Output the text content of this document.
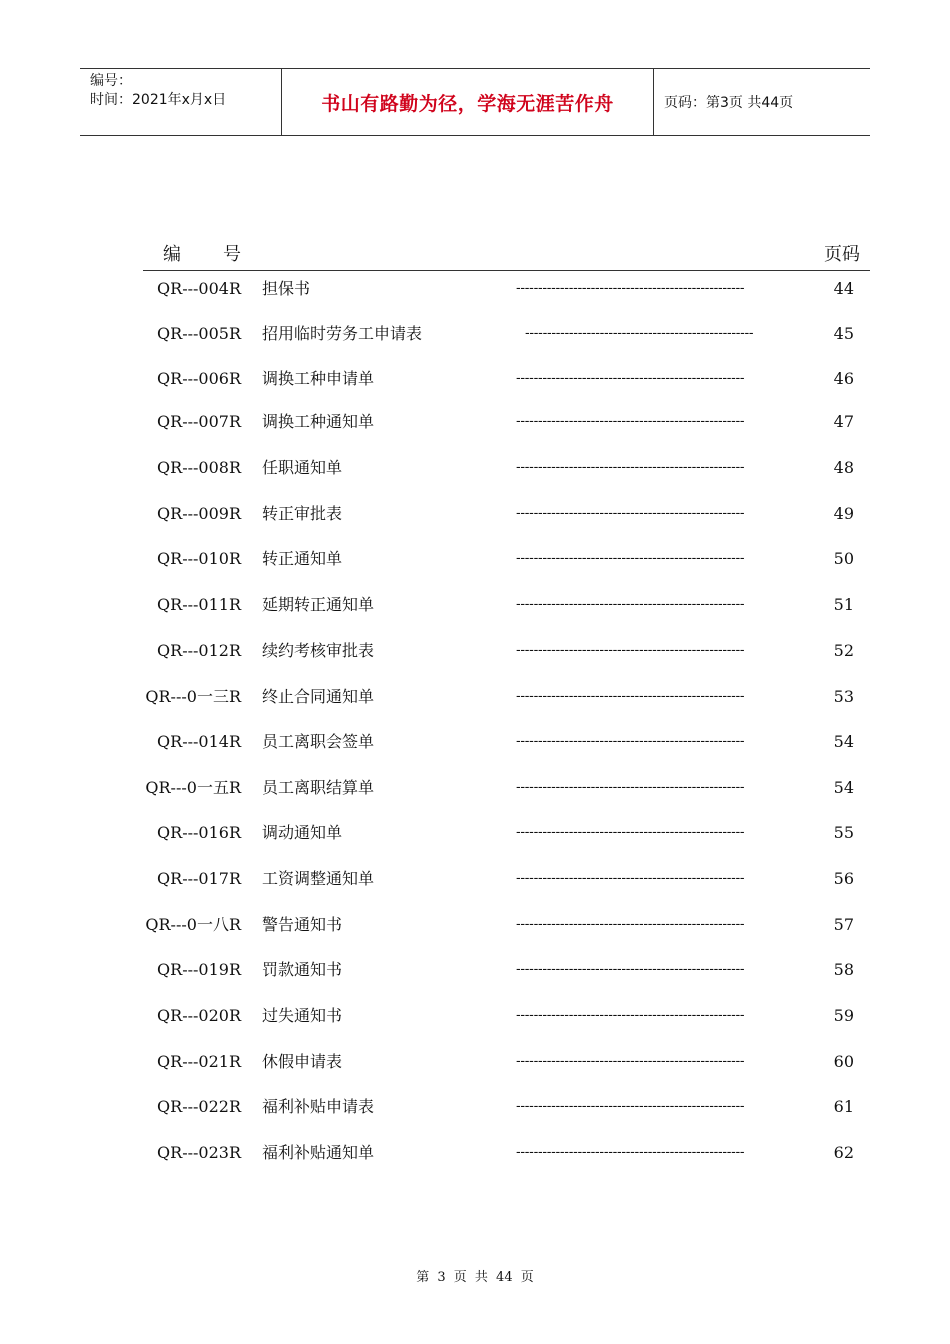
编号：
时间：2021年x月x日	书山有路勤为径，学海无涯苦作舟	页码：第3页 共44页
编号	页码
QR---004R 担保书	----------------------------------------------------	44
QR---005R 招用临时劳务工申请表	----------------------------------------------------	45
QR---006R 调换工种申请单	----------------------------------------------------	46
QR---007R 调换工种通知单	----------------------------------------------------	47
QR---008R 任职通知单	----------------------------------------------------	48
QR---009R 转正审批表	----------------------------------------------------	49
QR---010R 转正通知单	----------------------------------------------------	50
QR---011R 延期转正通知单	----------------------------------------------------	51
QR---012R 续约考核审批表	----------------------------------------------------	52
QR---0一三R 终止合同通知单	----------------------------------------------------	53
QR---014R 员工离职会签单	----------------------------------------------------	54
QR---0一五R 员工离职结算单	----------------------------------------------------	54
QR---016R 调动通知单	----------------------------------------------------	55
QR---017R 工资调整通知单	----------------------------------------------------	56
QR---0一八R 警告通知书	----------------------------------------------------	57
QR---019R 罚款通知书	----------------------------------------------------	58
QR---020R 过失通知书	----------------------------------------------------	59
QR---021R 休假申请表	----------------------------------------------------	60
QR---022R 福利补贴申请表	----------------------------------------------------	61
QR---023R 福利补贴通知单	----------------------------------------------------	62
第 3 页 共 44 页
